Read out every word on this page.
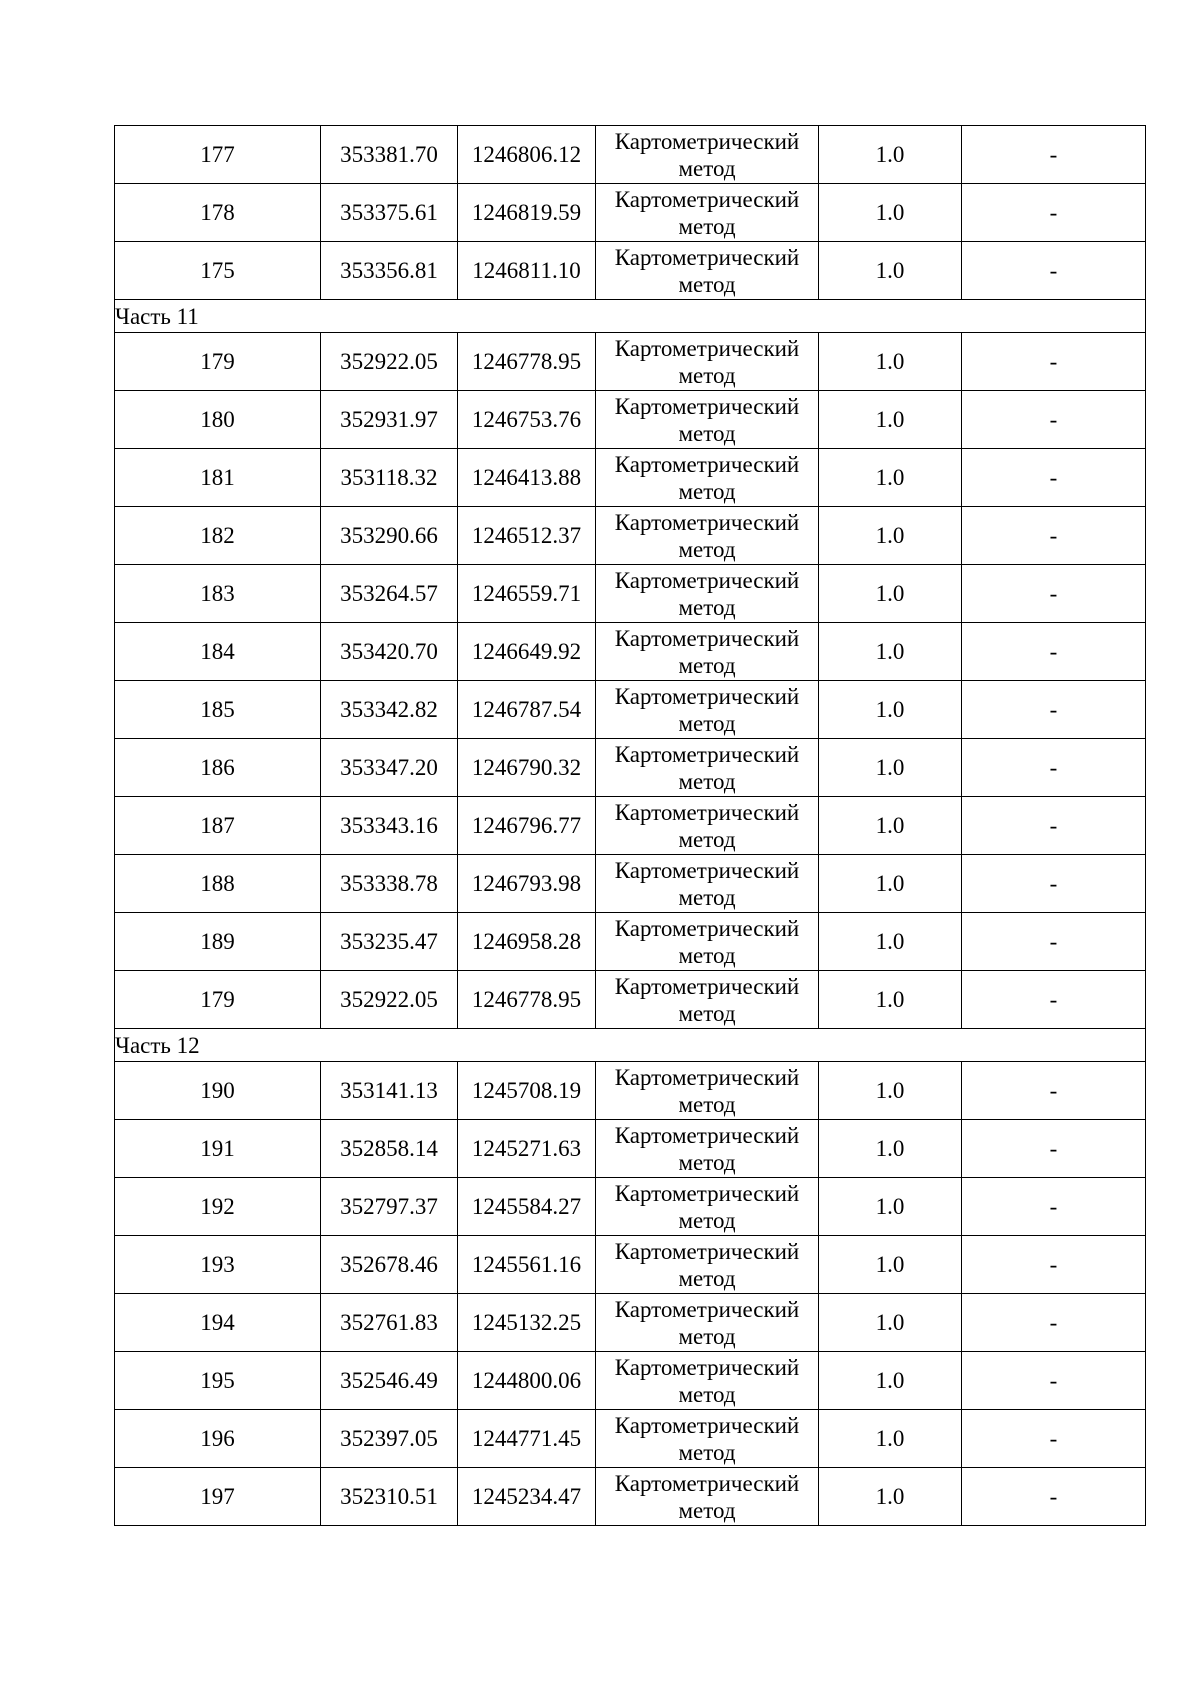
177	353381.70	1246806.12	Картометрический метод	1.0	-
178	353375.61	1246819.59	Картометрический метод	1.0	-
175	353356.81	1246811.10	Картометрический метод	1.0	-
Часть 11					
179	352922.05	1246778.95	Картометрический метод	1.0	-
180	352931.97	1246753.76	Картометрический метод	1.0	-
181	353118.32	1246413.88	Картометрический метод	1.0	-
182	353290.66	1246512.37	Картометрический метод	1.0	-
183	353264.57	1246559.71	Картометрический метод	1.0	-
184	353420.70	1246649.92	Картометрический метод	1.0	-
185	353342.82	1246787.54	Картометрический метод	1.0	-
186	353347.20	1246790.32	Картометрический метод	1.0	-
187	353343.16	1246796.77	Картометрический метод	1.0	-
188	353338.78	1246793.98	Картометрический метод	1.0	-
189	353235.47	1246958.28	Картометрический метод	1.0	-
179	352922.05	1246778.95	Картометрический метод	1.0	-
Часть 12					
190	353141.13	1245708.19	Картометрический метод	1.0	-
191	352858.14	1245271.63	Картометрический метод	1.0	-
192	352797.37	1245584.27	Картометрический метод	1.0	-
193	352678.46	1245561.16	Картометрический метод	1.0	-
194	352761.83	1245132.25	Картометрический метод	1.0	-
195	352546.49	1244800.06	Картометрический метод	1.0	-
196	352397.05	1244771.45	Картометрический метод	1.0	-
197	352310.51	1245234.47	Картометрический метод	1.0	-
